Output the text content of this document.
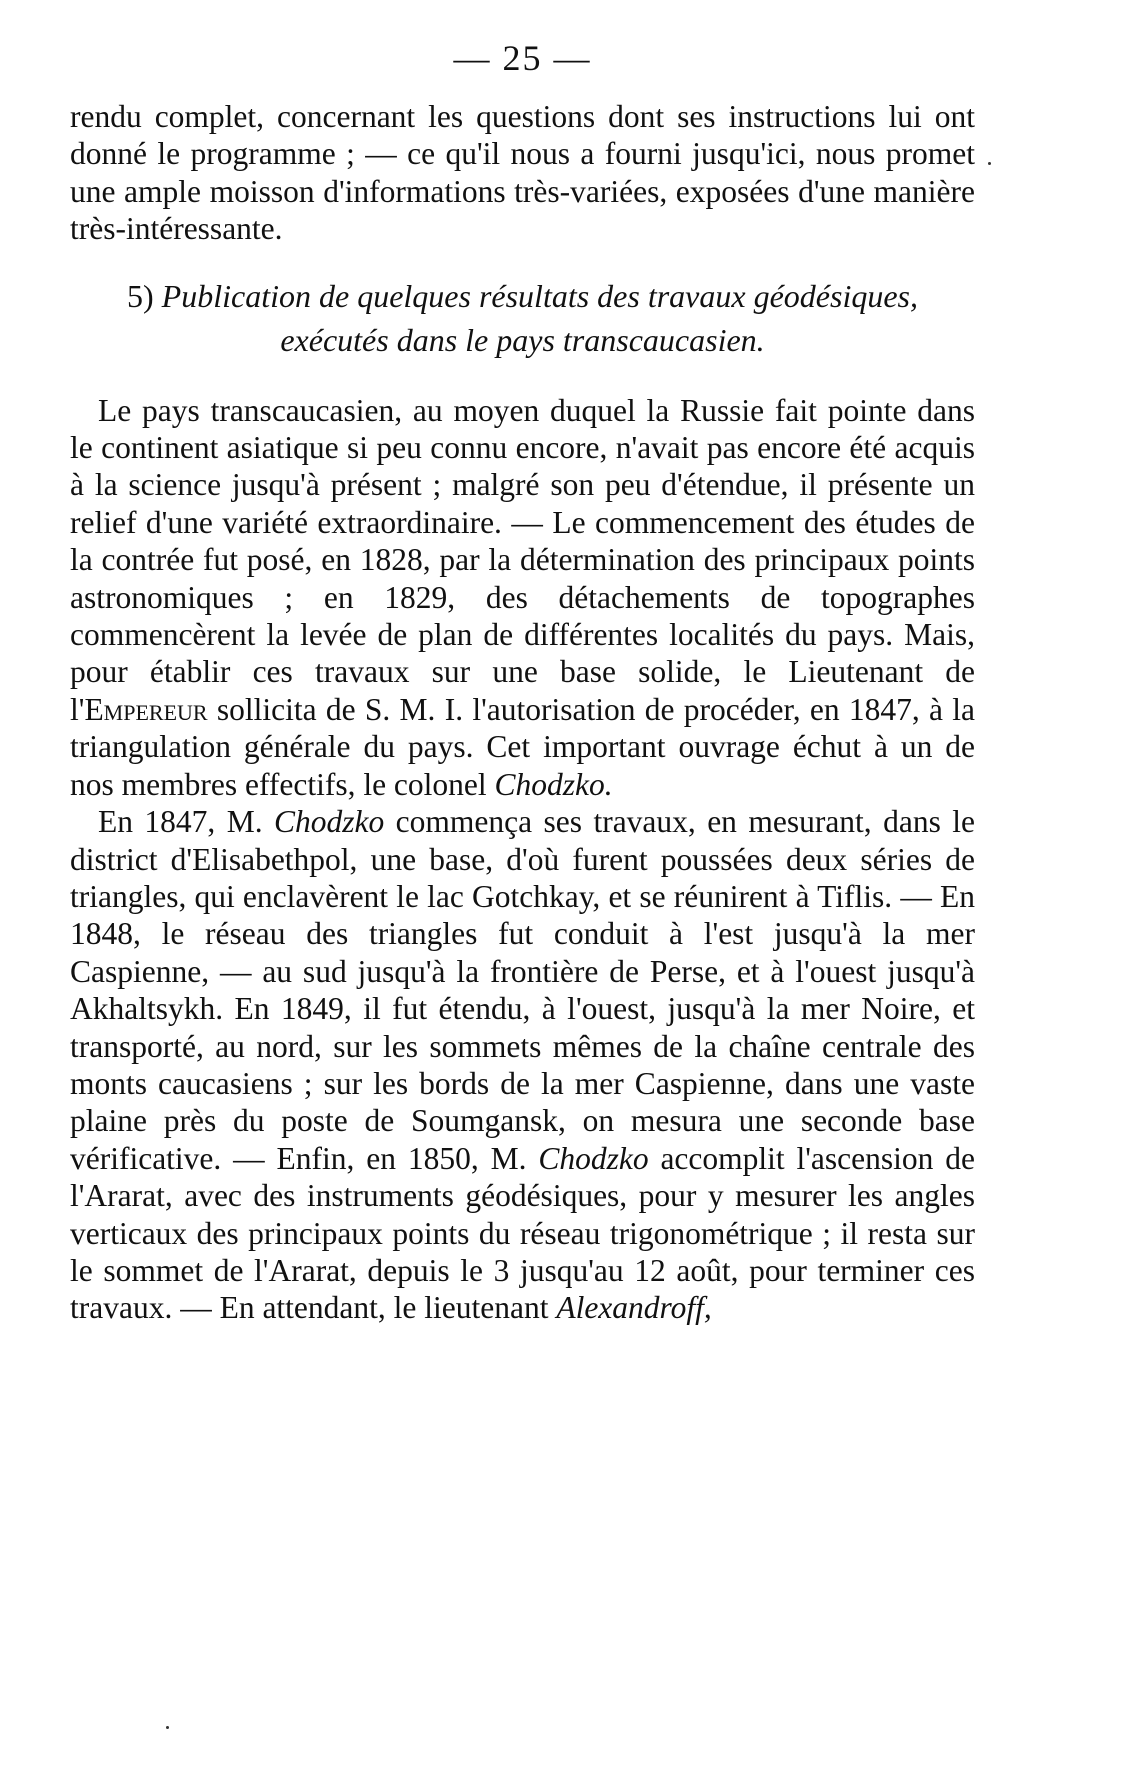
— 25 —

rendu complet, concernant les questions dont ses instructions lui ont donné le programme ; — ce qu'il nous a fourni jusqu'ici, nous promet une ample moisson d'informations très-variées, exposées d'une manière très-intéressante.

5) Publication de quelques résultats des travaux géodésiques,
exécutés dans le pays transcaucasien.

Le pays transcaucasien, au moyen duquel la Russie fait pointe dans le continent asiatique si peu connu encore, n'avait pas encore été acquis à la science jusqu'à présent ; malgré son peu d'étendue, il présente un relief d'une variété extraordinaire. — Le commencement des études de la contrée fut posé, en 1828, par la détermination des principaux points astronomiques ; en 1829, des détachements de topographes commencèrent la levée de plan de différentes localités du pays. Mais, pour établir ces travaux sur une base solide, le Lieutenant de l'Empereur sollicita de S. M. I. l'autorisation de procéder, en 1847, à la triangulation générale du pays. Cet important ouvrage échut à un de nos membres effectifs, le colonel Chodzko.

En 1847, M. Chodzko commença ses travaux, en mesurant, dans le district d'Elisabethpol, une base, d'où furent poussées deux séries de triangles, qui enclavèrent le lac Gotchkay, et se réunirent à Tiflis. — En 1848, le réseau des triangles fut conduit à l'est jusqu'à la mer Caspienne, — au sud jusqu'à la frontière de Perse, et à l'ouest jusqu'à Akhaltsykh. En 1849, il fut étendu, à l'ouest, jusqu'à la mer Noire, et transporté, au nord, sur les sommets mêmes de la chaîne centrale des monts caucasiens ; sur les bords de la mer Caspienne, dans une vaste plaine près du poste de Soumgansk, on mesura une seconde base vérificative. — Enfin, en 1850, M. Chodzko accomplit l'ascension de l'Ararat, avec des instruments géodésiques, pour y mesurer les angles verticaux des principaux points du réseau trigonométrique ; il resta sur le sommet de l'Ararat, depuis le 3 jusqu'au 12 août, pour terminer ces travaux. — En attendant, le lieutenant Alexandroff,
